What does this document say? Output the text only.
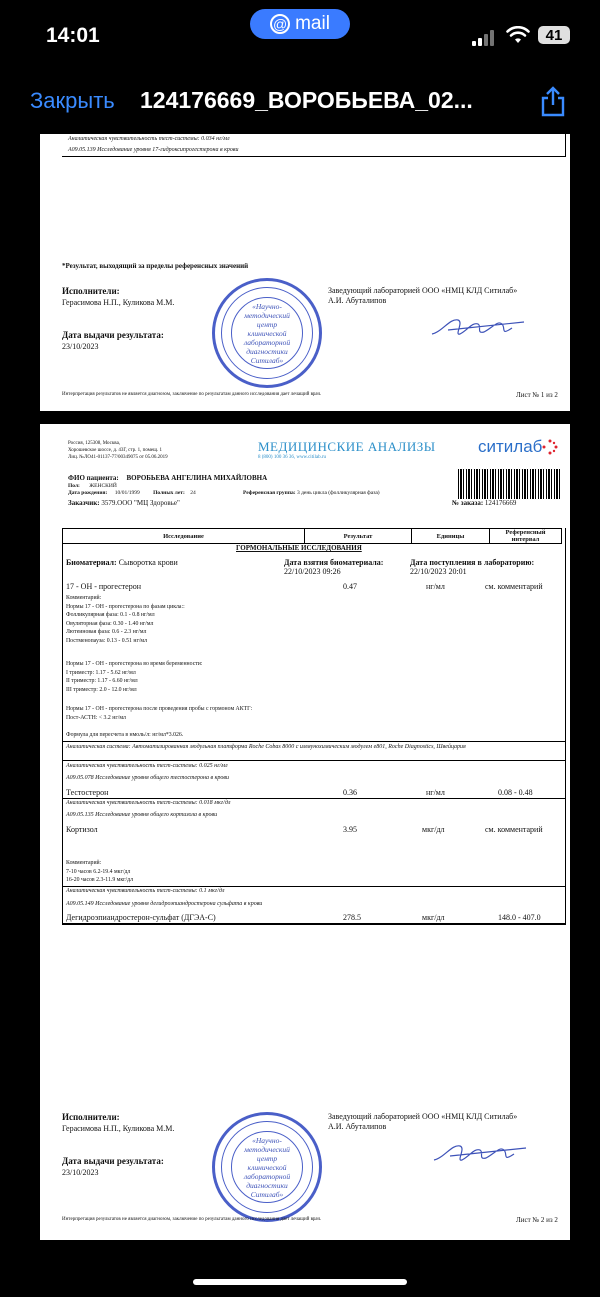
14:01	@ mail
41
Закрыть 124176669_ВОРОБЬЕВА_02...
Аналитическая чувствительность тест-системы: 0.034 нг/мл
A09.05.139 Исследование уровня 17-гидроксипрогестерона в крови
*Результат, выходящий за пределы референсных значений
Исполнители:
Герасимова Н.П., Куликова М.М.
Заведующий лабораторией ООО «НМЦ КЛД Ситилаб»
А.И. Абуталипов
Дата выдачи результата:
23/10/2023
«Научно-методический центр клинической лабораторной диагностики Ситилаб»
Интерпретация результатов не является диагнозом, заключение по результатам данного исследования дает лечащий врач.	Лист № 1 из 2
Россия, 125308, Москва,
Хорошевское шоссе, д. 43Г, стр. 1, помещ. 1
Лиц. №ЛО41-01137-77/00349075 от 05.06.2019
МЕДИЦИНСКИЕ АНАЛИЗЫ
8 (800) 100 36 36, www.citilab.ru
ситилаб
ФИО пациента: ВОРОБЬЕВА АНГЕЛИНА МИХАЙЛОВНА
Пол: ЖЕНСКИЙ
Дата рождения: 10/01/1999 Полных лет: 24	Референсная группа: 3 день цикла (фолликулярная фаза)
Заказчик: 3579.ООО "МЦ Здоровье"	№ заказа: 124176669
Исследование	Результат	Единицы	Референсный интервал
ГОРМОНАЛЬНЫЕ ИССЛЕДОВАНИЯ
Биоматериал: Сыворотка крови	Дата взятия биоматериала:
22/10/2023 09:26
Дата поступления в лабораторию:
22/10/2023 20:01
17 - ОН - прогестерон	0.47	нг/мл	см. комментарий
Комментарий:
Нормы 17 - ОН - прогестерона по фазам цикла::
Фолликулярная фаза: 0.1 - 0.8 нг/мл
Овуляторная фаза: 0.30 - 1.40 нг/мл
Лютеиновая фаза: 0.6 - 2.3 нг/мл
Постменопауза: 0.13 - 0.51 нг/мл
Нормы 17 - ОН - прогестерона во время беременности:
I триместр: 1.17 - 5.62 нг/мл
II триместр: 1.17 - 6.60 нг/мл
III триместр: 2.0 - 12.0 нг/мл
Нормы 17 - ОН - прогестерона после проведения пробы с гормоном АКТГ:
Пост-АСТН: < 3.2 нг/мл
Формула для пересчета в нмоль/л: нг/мл*3.026.
Аналитическая система: Автоматизированная модульная платформа Roche Cobas 8000 с иммунохимическим модулем e801, Roche Diagnostics, Швейцария
Аналитическая чувствительность тест-системы: 0.025 нг/мл
A09.05.078 Исследование уровня общего тестостерона в крови
Тестостерон	0.36	нг/мл	0.08 - 0.48
Аналитическая чувствительность тест-системы: 0.018 мкг/дл
A09.05.135 Исследование уровня общего кортизола в крови
Кортизол	3.95	мкг/дл	см. комментарий
Комментарий:
7-10 часов 6.2-19.4 мкг/дл
16-20 часов 2.3-11.9 мкг/дл
Аналитическая чувствительность тест-системы: 0.1 мкг/дл
A09.05.149 Исследование уровня дегидроэпиандростерона сульфата в крови
Дегидроэпиандростерон-сульфат (ДГЭА-С)	278.5	мкг/дл	148.0 - 407.0
Исполнители:
Герасимова Н.П., Куликова М.М.
Заведующий лабораторией ООО «НМЦ КЛД Ситилаб»
А.И. Абуталипов
Дата выдачи результата:
23/10/2023
«Научно-методический центр клинической лабораторной диагностики Ситилаб»
Интерпретация результатов не является диагнозом, заключение по результатам данного исследования дает лечащий врач.	Лист № 2 из 2
